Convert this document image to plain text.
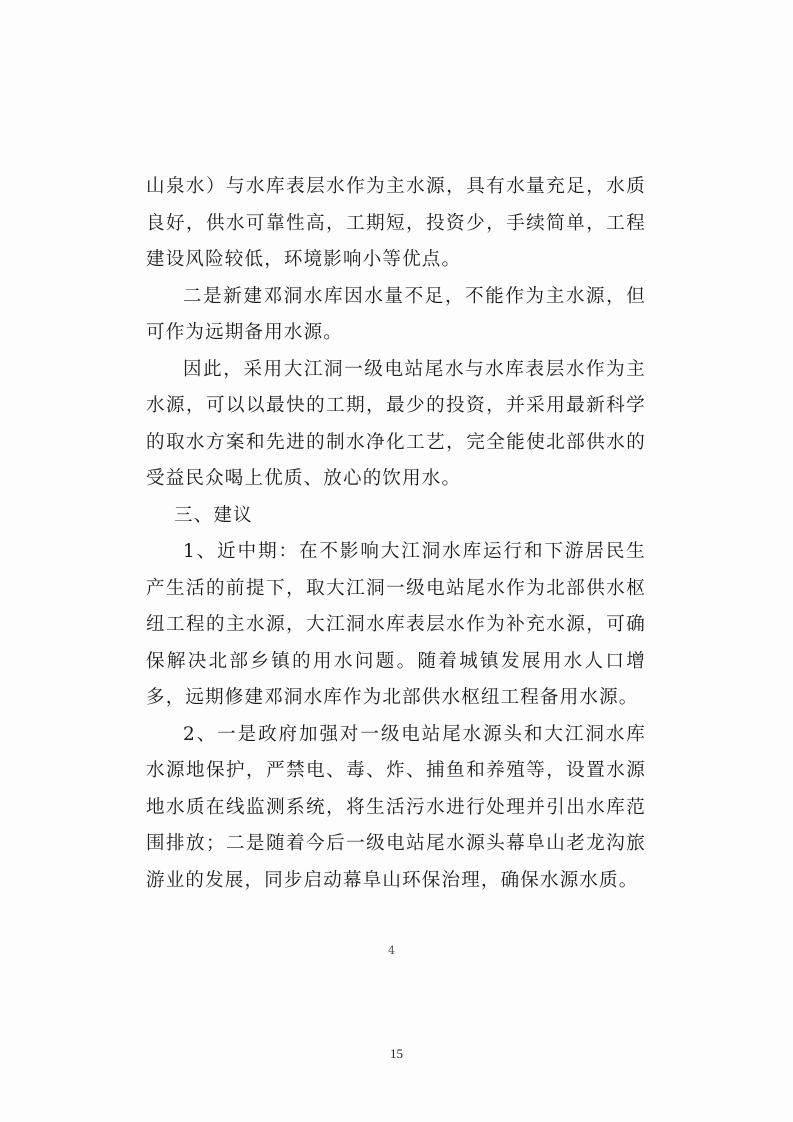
山泉水）与水库表层水作为主水源，具有水量充足，水质良好，供水可靠性高，工期短，投资少，手续简单，工程建设风险较低，环境影响小等优点。

二是新建邓洞水库因水量不足，不能作为主水源，但可作为远期备用水源。

因此，采用大江洞一级电站尾水与水库表层水作为主水源，可以以最快的工期，最少的投资，并采用最新科学的取水方案和先进的制水净化工艺，完全能使北部供水的受益民众喝上优质、放心的饮用水。

三、建议

1、近中期：在不影响大江洞水库运行和下游居民生产生活的前提下，取大江洞一级电站尾水作为北部供水枢纽工程的主水源，大江洞水库表层水作为补充水源，可确保解决北部乡镇的用水问题。随着城镇发展用水人口增多，远期修建邓洞水库作为北部供水枢纽工程备用水源。

2、一是政府加强对一级电站尾水源头和大江洞水库水源地保护，严禁电、毒、炸、捕鱼和养殖等，设置水源地水质在线监测系统，将生活污水进行处理并引出水库范围排放；二是随着今后一级电站尾水源头幕阜山老龙沟旅游业的发展，同步启动幕阜山环保治理，确保水源水质。

4
15
